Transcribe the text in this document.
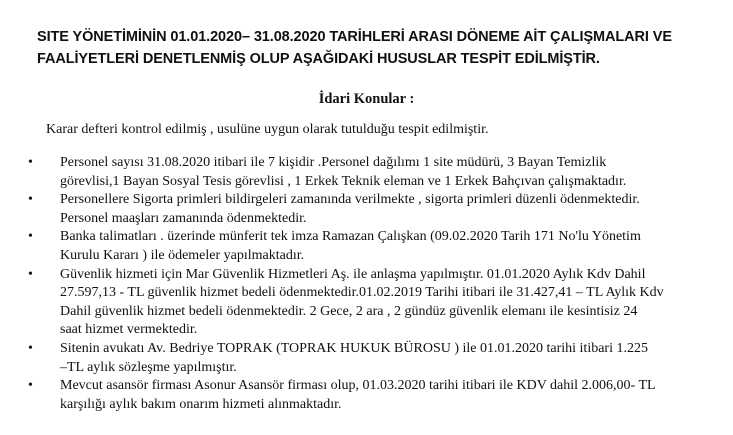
SITE YÖNETİMİNİN 01.01.2020– 31.08.2020 TARİHLERİ ARASI DÖNEME AİT ÇALIŞMALARI VE
FAALİYETLERİ DENETLENMİŞ OLUP AŞAĞIDAKİ HUSUSLAR TESPİT EDİLMİŞTİR.
İdari Konular :
Karar defteri kontrol edilmiş , usulüne uygun olarak tutulduğu tespit edilmiştir.
• Personel sayısı 31.08.2020 itibari ile 7 kişidir .Personel dağılımı 1 site müdürü, 3 Bayan Temizlik
görevlisi,1 Bayan Sosyal Tesis görevlisi , 1 Erkek Teknik eleman ve 1 Erkek Bahçıvan çalışmaktadır.
• Personellere Sigorta primleri bildirgeleri zamanında verilmekte , sigorta primleri düzenli ödenmektedir.
Personel maaşları zamanında ödenmektedir.
• Banka talimatları . üzerinde münferit tek imza Ramazan Çalışkan (09.02.2020 Tarih 171 No'lu Yönetim
Kurulu Kararı ) ile ödemeler yapılmaktadır.
• Güvenlik hizmeti için Mar Güvenlik Hizmetleri Aş. ile anlaşma yapılmıştır. 01.01.2020 Aylık Kdv Dahil
27.597,13 - TL güvenlik hizmet bedeli ödenmektedir.01.02.2019 Tarihi itibari ile 31.427,41 – TL Aylık Kdv
Dahil güvenlik hizmet bedeli ödenmektedir. 2 Gece, 2 ara , 2 gündüz güvenlik elemanı ile kesintisiz 24
saat hizmet vermektedir.
• Sitenin avukatı Av. Bedriye TOPRAK (TOPRAK HUKUK BÜROSU ) ile 01.01.2020 tarihi itibari 1.225
–TL aylık sözleşme yapılmıştır.
• Mevcut asansör firması Asonur Asansör firması olup, 01.03.2020 tarihi itibari ile KDV dahil 2.006,00- TL
karşılığı aylık bakım onarım hizmeti alınmaktadır.
